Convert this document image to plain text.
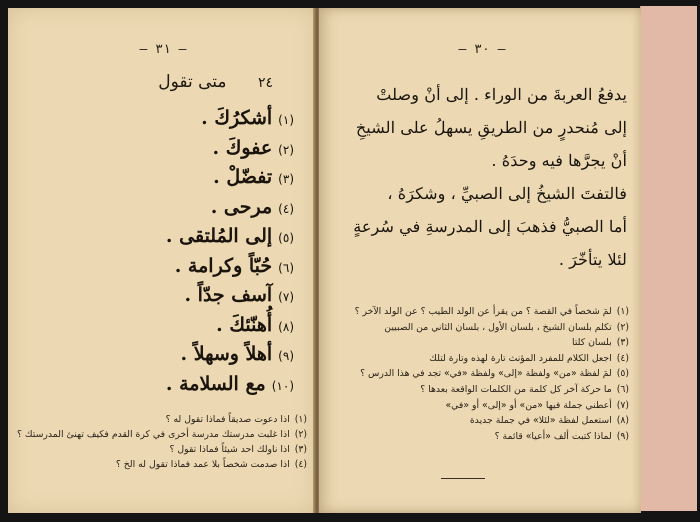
— ٣١ —
٢٤ متى تقول
(١)أشكرُكَ .
(٢)عفوكَ .
(٣)تفضّلْ .
(٤)مرحى .
(٥)إلى المُلتقى .
(٦)حُبّاً وكرامة .
(٧)آسف جدّاً .
(٨)أُهنّئكَ .
(٩)أهلاً وسهلاً .
(١٠)مع السلامة .
(١)اذا دعوت صديقاً فماذا تقول له ؟
(٢)اذا غلبت مدرستك مدرسة أخرى في كرة القدم فكيف تهنئ المدرستك ؟
(٣)اذا ناولك احد شيئاً فماذا تقول ؟
(٤)اذا صدمت شخصاً بلا عمد فماذا تقول له الخ ؟
— ٣٠ —
يدفعُ العربةَ من الوراء . إلى أنْ وصلتْ
إلى مُنحدرٍ من الطريقِ يسهلُ على الشيخِ
أنْ يجرَّها فيه وحدَهُ .
فالتفتَ الشيخُ إلى الصبيِّ ، وشكرَهُ ،
أما الصبيُّ فذهبَ إلى المدرسةِ في سُرعةٍ
لئلا يتأخّرَ .
(١)لمَ شخصاً في القصة ؟ من يقرأ عن الولد الطيب ؟ عن الولد الآخر ؟
(٢)تكلم بلسان الشيخ ، بلسان الأول ، بلسان الثاني من الصبيين
(٣)بلسان كلتا
(٤)اجعل الكلام للمفرد المؤنث تارة لهذه وتارة لتلك
(٥)لمَ لفظة «من» ولفظة «إلى» ولفظة «في» تجد في هذا الدرس ؟
(٦)ما حركة آخر كل كلمة من الكلمات الواقعة بعدها ؟
(٧)أعطني جملة فيها «من» أو «إلى» أو «في»
(٨)استعمل لفظة «لئلا» في جملة جديدة
(٩)لماذا كتبت ألف «أعيا» قائمة ؟
